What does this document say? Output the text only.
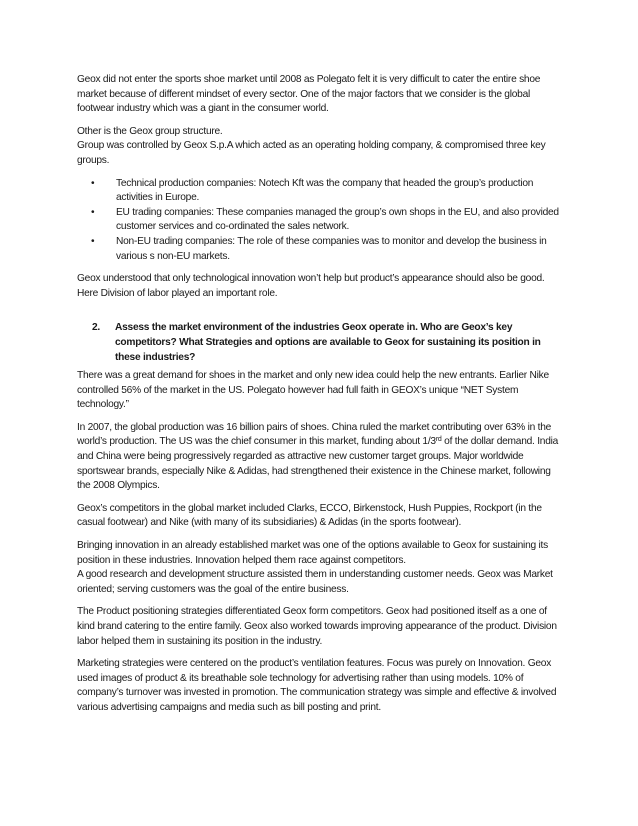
Geox did not enter the sports shoe market until 2008 as Polegato felt it is very difficult to cater the entire shoe market because of different mindset of every sector. One of the major factors that we consider is the global footwear industry which was a giant in the consumer world.

Other is the Geox group structure.
Group was controlled by Geox S.p.A which acted as an operating holding company, & compromised three key groups.

• Technical production companies: Notech Kft was the company that headed the group’s production activities in Europe.
• EU trading companies: These companies managed the group’s own shops in the EU, and also provided customer services and co-ordinated the sales network.
• Non-EU trading companies: The role of these companies was to monitor and develop the business in various s non-EU markets.

Geox understood that only technological innovation won’t help but product’s appearance should also be good. Here Division of labor played an important role.

2. Assess the market environment of the industries Geox operate in. Who are Geox’s key competitors? What Strategies and options are available to Geox for sustaining its position in these industries?

There was a great demand for shoes in the market and only new idea could help the new entrants. Earlier Nike controlled 56% of the market in the US. Polegato however had full faith in GEOX’s unique “NET System technology.”

In 2007, the global production was 16 billion pairs of shoes. China ruled the market contributing over 63% in the world’s production. The US was the chief consumer in this market, funding about 1/3rd of the dollar demand. India and China were being progressively regarded as attractive new customer target groups. Major worldwide sportswear brands, especially Nike & Adidas, had strengthened their existence in the Chinese market, following the 2008 Olympics.

Geox’s competitors in the global market included Clarks, ECCO, Birkenstock, Hush Puppies, Rockport (in the casual footwear) and Nike (with many of its subsidiaries) & Adidas (in the sports footwear).

Bringing innovation in an already established market was one of the options available to Geox for sustaining its position in these industries. Innovation helped them race against competitors.
A good research and development structure assisted them in understanding customer needs. Geox was Market oriented; serving customers was the goal of the entire business.

The Product positioning strategies differentiated Geox form competitors. Geox had positioned itself as a one of kind brand catering to the entire family. Geox also worked towards improving appearance of the product. Division labor helped them in sustaining its position in the industry.

Marketing strategies were centered on the product’s ventilation features. Focus was purely on Innovation. Geox used images of product & its breathable sole technology for advertising rather than using models. 10% of company’s turnover was invested in promotion. The communication strategy was simple and effective & involved various advertising campaigns and media such as bill posting and print.
